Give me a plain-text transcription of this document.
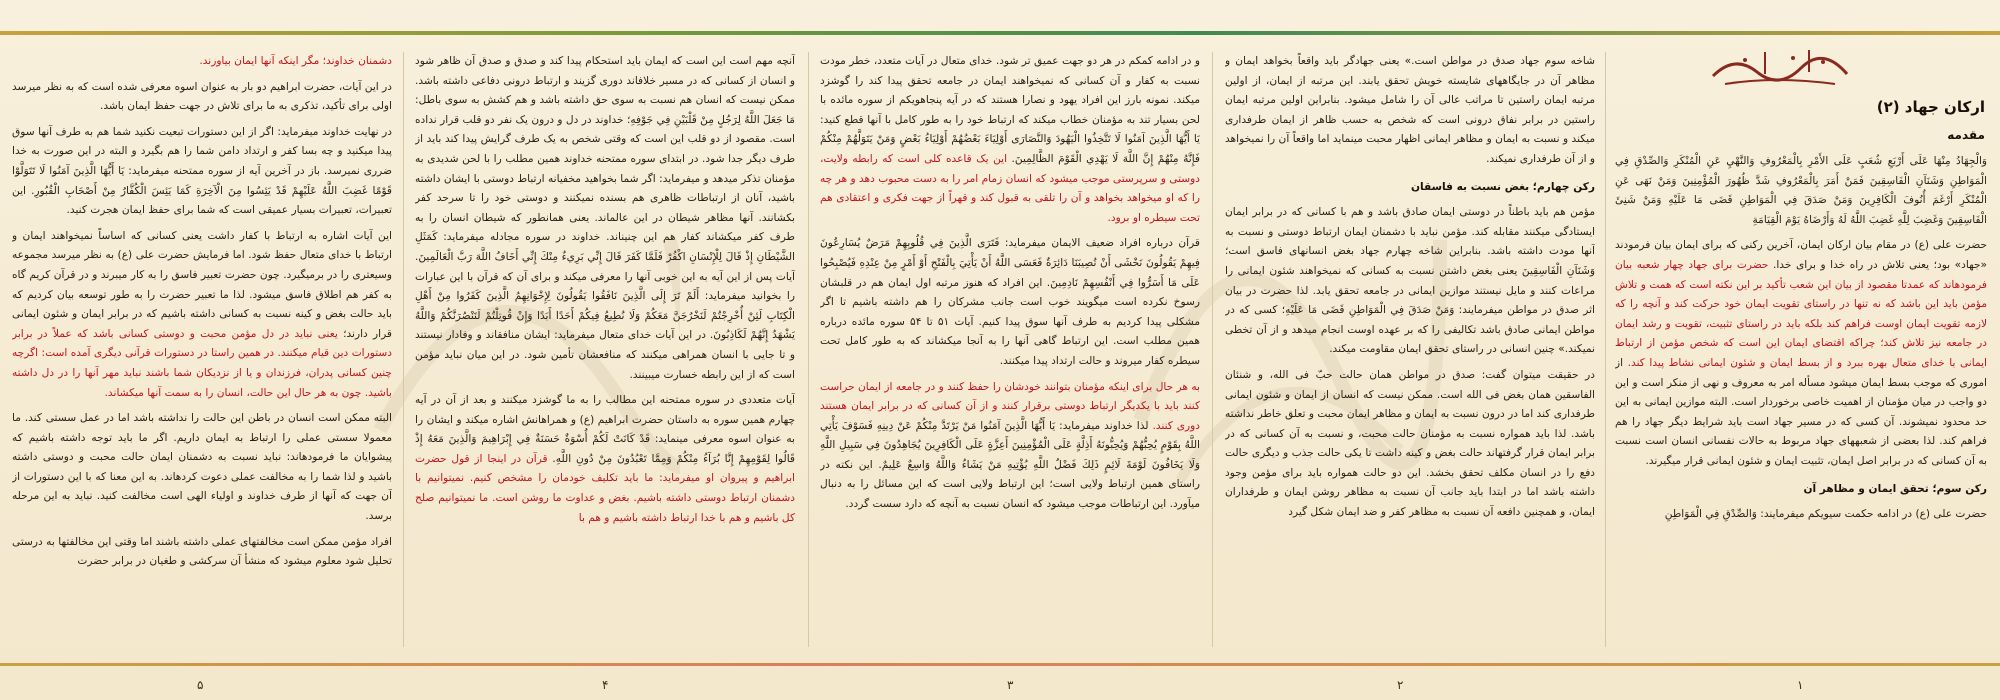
ارکان جهاد (۲)
مقدمه

وَالْجِهَادُ مِنْهَا عَلَى أَرْبَعِ شُعَبٍ عَلَى الأَمْرِ بِالْمَعْرُوفِ وَالنَّهْيِ عَنِ الْمُنْكَرِ وَالصِّدْقِ فِي الْمَوَاطِنِ وَشَنَآنِ الْفَاسِقِينَ فَمَنْ أَمَرَ بِالْمَعْرُوفِ شَدَّ ظُهُورَ الْمُؤْمِنِينَ وَمَنْ نَهَى عَنِ الْمُنْكَرِ أَرْغَمَ أُنُوفَ الْكَافِرِينَ وَمَنْ صَدَقَ فِي الْمَوَاطِنِ قَضَى مَا عَلَيْهِ وَمَنْ شَنِئَ الْفَاسِقِينَ وَغَضِبَ لِلَّهِ غَضِبَ اللَّهُ لَهُ وَأَرْضَاهُ يَوْمَ الْقِيَامَةِ

حضرت علی (ع) در مقام بیان ارکان ایمان، آخرین رکنی که برای ایمان بیان فرمودند «جهاد» بود؛ یعنی تلاش در راه خدا و برای خدا. حضرت برای جهاد چهار شعبه بیان فرمودهاند که عمدتا مقصود از بیان این شعب تأکید بر این نکته است که همت و تلاش مؤمن باید این باشد که نه تنها در راستای تقویت ایمان خود حرکت کند و آنچه را که لازمه تقویت ایمان اوست فراهم کند بلکه باید در راستای تثبیت، تقویت و رشد ایمان در جامعه نیز تلاش کند؛ چراکه اقتضای ایمان این است که شخص مؤمن از ارتباط ایمانی با خدای متعال بهره ببرد و از بسط ایمان و شئون ایمانی نشاط پیدا کند. از اموری که موجب بسط ایمان میشود مسأله امر به معروف و نهی از منکر است و این دو واجب در میان مؤمنان از اهمیت خاصی برخوردار است. البته موازین ایمانی به این حد محدود نمیشوند. آن کسی که در مسیر جهاد است باید شرایط دیگر جهاد را هم فراهم کند. لذا بعضی از شعبههای جهاد مربوط به حالات نفسانی انسان است نسبت به آن کسانی که در برابر اصل ایمان، تثبیت ایمان و شئون ایمانی قرار میگیرند.

رکن سوم؛ تحقق ایمان و مظاهر آن

حضرت علی (ع) در ادامه حکمت سیویکم میفرمایند: وَالصِّدْقِ فِي الْمَوَاطِنِ

شاخه سوم جهاد صدق در مواطن است.» یعنی جهادگر باید واقعاً بخواهد ایمان و مظاهر آن در جایگاههای شایسته خویش تحقق یابند. این مرتبه از ایمان، از اولین مرتبه ایمان راستین تا مراتب عالی آن را شامل میشود. بنابراین اولین مرتبه ایمان راستین در برابر نفاق درونی است که شخص به حسب ظاهر از ایمان طرفداری میکند و نسبت به ایمان و مظاهر ایمانی اظهار محبت مینماید اما واقعاً آن را نمیخواهد و از آن طرفداری نمیکند.

رکن چهارم؛ بغض نسبت به فاسقان

مؤمن هم باید باطناً در دوستی ایمان صادق باشد و هم با کسانی که در برابر ایمان ایستادگی میکنند مقابله کند. مؤمن نباید با دشمنان ایمان ارتباط دوستی و نسبت به آنها مودت داشته باشد. بنابراین شاخه چهارم جهاد بغض انسانهای فاسق است؛ وَشَنَآنِ الْفَاسِقِينَ یعنی بغض داشتن نسبت به کسانی که نمیخواهند شئون ایمانی را مراعات کنند و مایل نیستند موازین ایمانی در جامعه تحقق یابد. لذا حضرت در بیان اثر صدق در مواطن میفرمایند: وَمَنْ صَدَقَ فِي الْمَوَاطِنِ قَضَى مَا عَلَيْهِ؛ کسی که در مواطن ایمانی صادق باشد تکالیفی را که بر عهده اوست انجام میدهد و از آن تخطی نمیکند.» چنین انسانی در راستای تحقق ایمان مقاومت میکند.

در حقیقت میتوان گفت: صدق در مواطن همان حالت حبّ فی الله، و شنئان الفاسقین همان بغض فی الله است. ممکن نیست که انسان از ایمان و شئون ایمانی طرفداری کند اما در درون نسبت به ایمان و مظاهر ایمان محبت و تعلق خاطر نداشته باشد. لذا باید همواره نسبت به مؤمنان حالت محبت، و نسبت به آن کسانی که در برابر ایمان قرار گرفتهاند حالت بغض و کینه داشت تا یکی حالت جذب و دیگری حالت دفع را در انسان مکلف تحقق بخشد. این دو حالت همواره باید برای مؤمن وجود داشته باشد اما در ابتدا باید جانب آن نسبت به مظاهر روشن ایمان و طرفداران ایمان، و همچنین دافعه آن نسبت به مظاهر کفر و ضد ایمان شکل گیرد

و در ادامه کمکم در هر دو جهت عمیق تر شود. خدای متعال در آیات متعدد، خطر مودت نسبت به کفار و آن کسانی که نمیخواهند ایمان در جامعه تحقق پیدا کند را گوشزد میکند. نمونه بارز این افراد یهود و نصارا هستند که در آیه پنجاهویکم از سوره مائده با لحن بسیار تند به مؤمنان خطاب میکند که ارتباط خود را به طور کامل با آنها قطع کنید: يَا أَيُّهَا الَّذِينَ آمَنُوا لَا تَتَّخِذُوا الْيَهُودَ وَالنَّصَارَى أَوْلِيَاءَ بَعْضُهُمْ أَوْلِيَاءُ بَعْضٍ وَمَنْ يَتَوَلَّهُمْ مِنْكُمْ فَإِنَّهُ مِنْهُمْ إِنَّ اللَّهَ لَا يَهْدِي الْقَوْمَ الظَّالِمِينَ. این یک قاعده کلی است که رابطه ولایت، دوستی و سرپرستی موجب میشود که انسان زمام امر را به دست محبوب دهد و هر چه را که او میخواهد بخواهد و آن را تلقی به قبول کند و قهراً از جهت فکری و اعتقادی هم تحت سیطره او برود.

قرآن درباره افراد ضعیف الایمان میفرماید: فَتَرَى الَّذِينَ فِي قُلُوبِهِمْ مَرَضٌ يُسَارِعُونَ فِيهِمْ يَقُولُونَ نَخْشَى أَنْ تُصِيبَنَا دَائِرَةٌ فَعَسَى اللَّهُ أَنْ يَأْتِيَ بِالْفَتْحِ أَوْ أَمْرٍ مِنْ عِنْدِهِ فَيُصْبِحُوا عَلَى مَا أَسَرُّوا فِي أَنْفُسِهِمْ نَادِمِينَ. این افراد که هنوز مرتبه اول ایمان هم در قلبشان رسوخ نکرده است میگویند خوب است جانب مشرکان را هم داشته باشیم تا اگر مشکلی پیدا کردیم به طرف آنها سوق پیدا کنیم. آیات ۵۱ تا ۵۴ سوره مائده درباره همین مطلب است. این ارتباط گاهی آنها را به آنجا میکشاند که به طور کامل تحت سیطره کفار میروند و حالت ارتداد پیدا میکنند.

به هر حال برای اینکه مؤمنان بتوانند خودشان را حفظ کنند و در جامعه از ایمان حراست کنند باید با یکدیگر ارتباط دوستی برقرار کنند و از آن کسانی که در برابر ایمان هستند دوری کنند. لذا خداوند میفرماید: يَا أَيُّهَا الَّذِينَ آمَنُوا مَنْ يَرْتَدَّ مِنْكُمْ عَنْ دِينِهِ فَسَوْفَ يَأْتِي اللَّهُ بِقَوْمٍ يُحِبُّهُمْ وَيُحِبُّونَهُ أَذِلَّةٍ عَلَى الْمُؤْمِنِينَ أَعِزَّةٍ عَلَى الْكَافِرِينَ يُجَاهِدُونَ فِي سَبِيلِ اللَّهِ وَلَا يَخَافُونَ لَوْمَةَ لَائِمٍ ذَلِكَ فَضْلُ اللَّهِ يُؤْتِيهِ مَنْ يَشَاءُ وَاللَّهُ وَاسِعٌ عَلِيمٌ. این نکته در راستای همین ارتباط ولایی است؛ این ارتباط ولایی است که این مسائل را به دنبال میآورد. این ارتباطات موجب میشود که انسان نسبت به آنچه که دارد سست گردد.

آنچه مهم است این است که ایمان باید استحکام پیدا کند و صدق و صدق آن ظاهر شود و انسان از کسانی که در مسیر خلافاند دوری گزیند و ارتباط درونی دفاعی داشته باشد. ممکن نیست که انسان هم نسبت به سوی حق داشته باشد و هم کشش به سوی باطل: مَا جَعَلَ اللَّهُ لِرَجُلٍ مِنْ قَلْبَيْنِ فِي جَوْفِهِ؛ خداوند در دل و درون یک نفر دو قلب قرار نداده است. مقصود از دو قلب این است که وقتی شخص به یک طرف گرایش پیدا کند باید از طرف دیگر جدا شود. در ابتدای سوره ممتحنه خداوند همین مطلب را با لحن شدیدی به مؤمنان تذکر میدهد و میفرماید: اگر شما بخواهید مخفیانه ارتباط دوستی با ایشان داشته باشید، آنان از ارتباطات ظاهری هم بسنده نمیکنند و دوستی خود را تا سرحد کفر بکشانند. آنها مظاهر شیطان در این عالماند. یعنی همانطور که شیطان انسان را به طرف کفر میکشاند کفار هم این چنیناند. خداوند در سوره مجادله میفرماید: كَمَثَلِ الشَّيْطَانِ إِذْ قَالَ لِلْإِنْسَانِ اكْفُرْ فَلَمَّا كَفَرَ قَالَ إِنِّي بَرِيءٌ مِنْكَ إِنِّي أَخَافُ اللَّهَ رَبَّ الْعَالَمِينَ. آیات پس از این آیه به این خوبی آنها را معرفی میکند و برای آن که قرآن با این عبارات را بخوانید میفرماید: أَلَمْ تَرَ إِلَى الَّذِينَ نَافَقُوا يَقُولُونَ لِإِخْوَانِهِمُ الَّذِينَ كَفَرُوا مِنْ أَهْلِ الْكِتَابِ لَئِنْ أُخْرِجْتُمْ لَنَخْرُجَنَّ مَعَكُمْ وَلَا نُطِيعُ فِيكُمْ أَحَدًا أَبَدًا وَإِنْ قُوتِلْتُمْ لَنَنْصُرَنَّكُمْ وَاللَّهُ يَشْهَدُ إِنَّهُمْ لَكَاذِبُونَ. در این آیات خدای متعال میفرماید: ایشان منافقاند و وفادار نیستند و تا جایی با انسان همراهی میکنند که منافعشان تأمین شود. در این میان نباید مؤمن است که از این رابطه خسارت میبینند.

آیات متعددی در سوره ممتحنه این مطالب را به ما گوشزد میکنند و بعد از آن در آیه چهارم همین سوره به داستان حضرت ابراهیم (ع) و همراهانش اشاره میکند و ایشان را به عنوان اسوه معرفی مینماید: قَدْ كَانَتْ لَكُمْ أُسْوَةٌ حَسَنَةٌ فِي إِبْرَاهِيمَ وَالَّذِينَ مَعَهُ إِذْ قَالُوا لِقَوْمِهِمْ إِنَّا بُرَآءُ مِنْكُمْ وَمِمَّا تَعْبُدُونَ مِنْ دُونِ اللَّهِ. قرآن در اینجا از قول حضرت ابراهیم و پیروان او میفرماید: ما باید تکلیف خودمان را مشخص کنیم. نمیتوانیم با دشمنان ارتباط دوستی داشته باشیم. بغض و عداوت ما روشن است. ما نمیتوانیم صلح کل باشیم و هم با خدا ارتباط داشته باشیم و هم با

دشمنان خداوند؛ مگر اینکه آنها ایمان بیاورند.

در این آیات، حضرت ابراهیم دو بار به عنوان اسوه معرفی شده است که به نظر میرسد اولی برای تأکید، تذکری به ما برای تلاش در جهت حفظ ایمان باشد.

در نهایت خداوند میفرماید: اگر از این دستورات تبعیت نکنید شما هم به طرف آنها سوق پیدا میکنید و چه بسا کفر و ارتداد دامن شما را هم بگیرد و البته در این صورت به خدا ضرری نمیرسد. باز در آخرین آیه از سوره ممتحنه میفرماید: يَا أَيُّهَا الَّذِينَ آمَنُوا لَا تَتَوَلَّوْا قَوْمًا غَضِبَ اللَّهُ عَلَيْهِمْ قَدْ يَئِسُوا مِنَ الْآخِرَةِ كَمَا يَئِسَ الْكُفَّارُ مِنْ أَصْحَابِ الْقُبُورِ. این تعبیرات، تعبیرات بسیار عمیقی است که شما برای حفظ ایمان هجرت کنید.

این آیات اشاره به ارتباط با کفار داشت یعنی کسانی که اساساً نمیخواهند ایمان و ارتباط با خدای متعال حفظ شود. اما فرمایش حضرت علی (ع) به نظر میرسد مجموعه وسیعتری را در برمیگیرد. چون حضرت تعبیر فاسق را به کار میبرند و در قرآن کریم گاه به کفر هم اطلاق فاسق میشود. لذا ما تعبیر حضرت را به طور توسعه بیان کردیم که باید حالت بغض و کینه نسبت به کسانی داشته باشیم که در برابر ایمان و شئون ایمانی قرار دارند؛ یعنی نباید در دل مؤمن محبت و دوستی کسانی باشد که عملاً در برابر دستورات دین قیام میکنند. در همین راستا در دستورات قرآنی دیگری آمده است: اگرچه چنین کسانی پدران، فرزندان و یا از نزدیکان شما باشند نباید مهر آنها را در دل داشته باشید. چون به هر حال این حالت، انسان را به سمت آنها میکشاند.

البته ممکن است انسان در باطن این حالت را نداشته باشد اما در عمل سستی کند. ما معمولا سستی عملی را ارتباط به ایمان داریم. اگر ما باید توجه داشته باشیم که پیشوایان ما فرمودهاند: نباید نسبت به دشمنان ایمان حالت محبت و دوستی داشته باشید و لذا شما را به مخالفت عملی دعوت کردهاند. به این معنا که با این دستورات از آن جهت که آنها از طرف خداوند و اولیاء الهی است مخالفت کنید. نباید به این مرحله برسد.

افراد مؤمن ممکن است مخالفتهای عملی داشته باشند اما وقتی این مخالفتها به درستی تحلیل شود معلوم میشود که منشأ آن سرکشی و طغیان در برابر حضرت

۱
۲
۳
۴
۵
